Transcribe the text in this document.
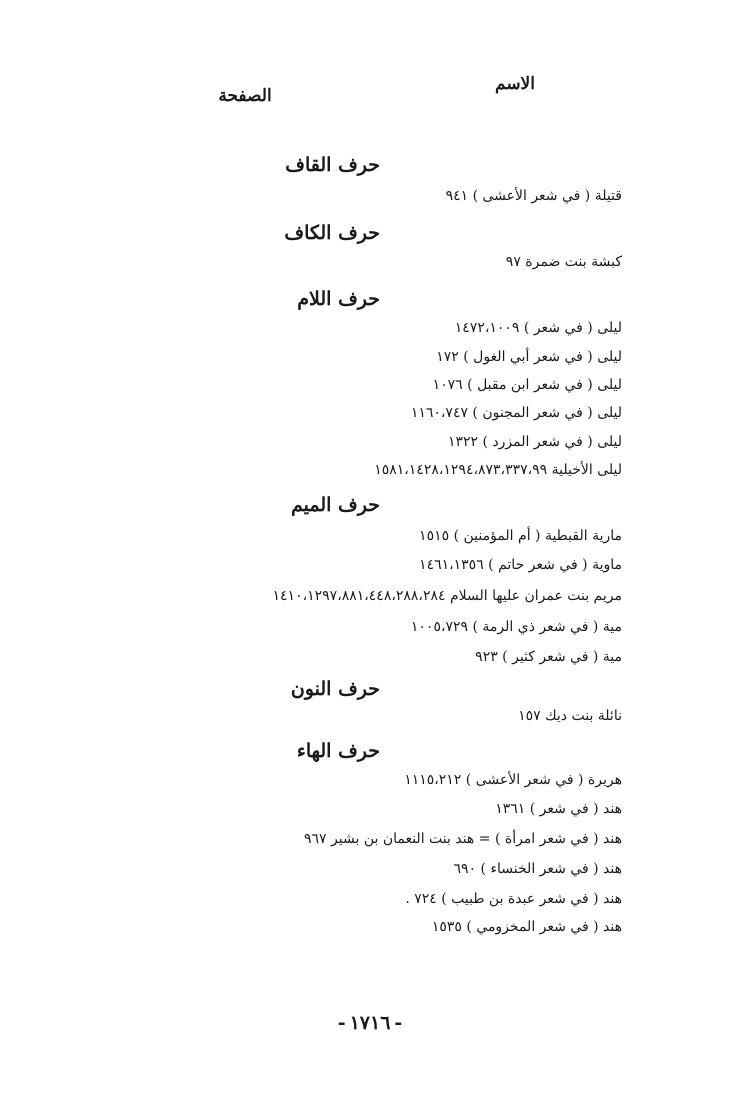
الاسم
الصفحة
حرف القاف
قتيلة ( في شعر الأعشى ) ٩٤١
حرف الكاف
كبشة بنت ضمرة ٩٧
حرف اللام
ليلى ( في شعر ) ١٤٧٢،١٠٠٩
ليلى ( في شعر أبي الغول ) ١٧٢
ليلى ( في شعر ابن مقبل ) ١٠٧٦
ليلى ( في شعر المجنون ) ١١٦٠،٧٤٧
ليلى ( في شعر المزرد ) ١٣٢٢
ليلى الأخيلية ١٥٨١،١٤٢٨،١٢٩٤،٨٧٣،٣٣٧،٩٩
حرف الميم
مارية القبطية ( أم المؤمنين ) ١٥١٥
ماوية ( في شعر حاتم ) ١٤٦١،١٣٥٦
مريم بنت عمران عليها السلام ١٤١٠،١٢٩٧،٨٨١،٤٤٨،٢٨٨،٢٨٤
مية ( في شعر ذي الرمة ) ١٠٠٥،٧٢٩
مية ( في شعر كثير ) ٩٢٣
حرف النون
نائلة بنت ديك ١٥٧
حرف الهاء
هريرة ( في شعر الأعشى ) ١١١٥،٢١٢
هند ( في شعر ) ١٣٦١
هند ( في شعر امرأة ) = هند بنت النعمان بن بشير ٩٦٧
هند ( في شعر الخنساء ) ٦٩٠
هند ( في شعر عبدة بن طبيب ) ٧٢٤ .
هند ( في شعر المخزومي ) ١٥٣٥
-١٧١٦-
